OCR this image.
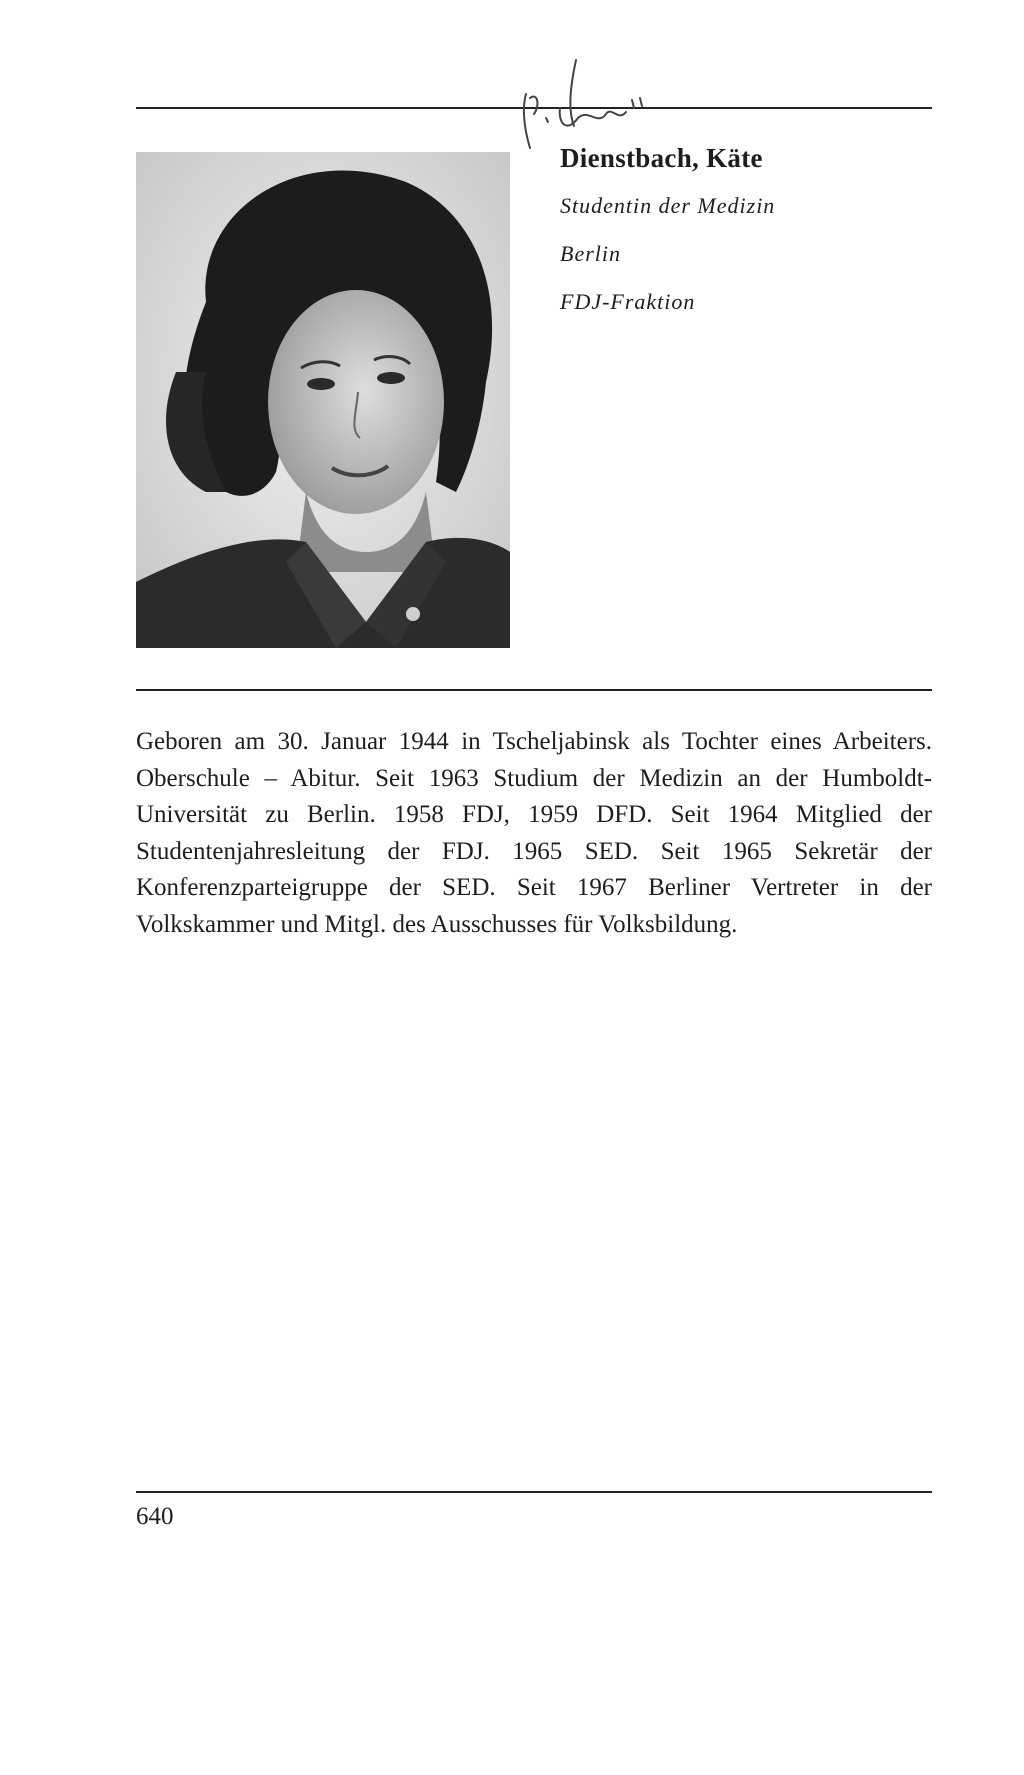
Dienstbach, Käte

Studentin der Medizin

Berlin

FDJ-Fraktion

Geboren am 30. Januar 1944 in Tscheljabinsk als Tochter eines Arbeiters. Oberschule – Abitur. Seit 1963 Studium der Medizin an der Humboldt-Universität zu Berlin. 1958 FDJ, 1959 DFD. Seit 1964 Mitglied der Studentenjahresleitung der FDJ. 1965 SED. Seit 1965 Sekretär der Konferenzparteigruppe der SED. Seit 1967 Berliner Vertreter in der Volkskammer und Mitgl. des Ausschusses für Volksbildung.

640
